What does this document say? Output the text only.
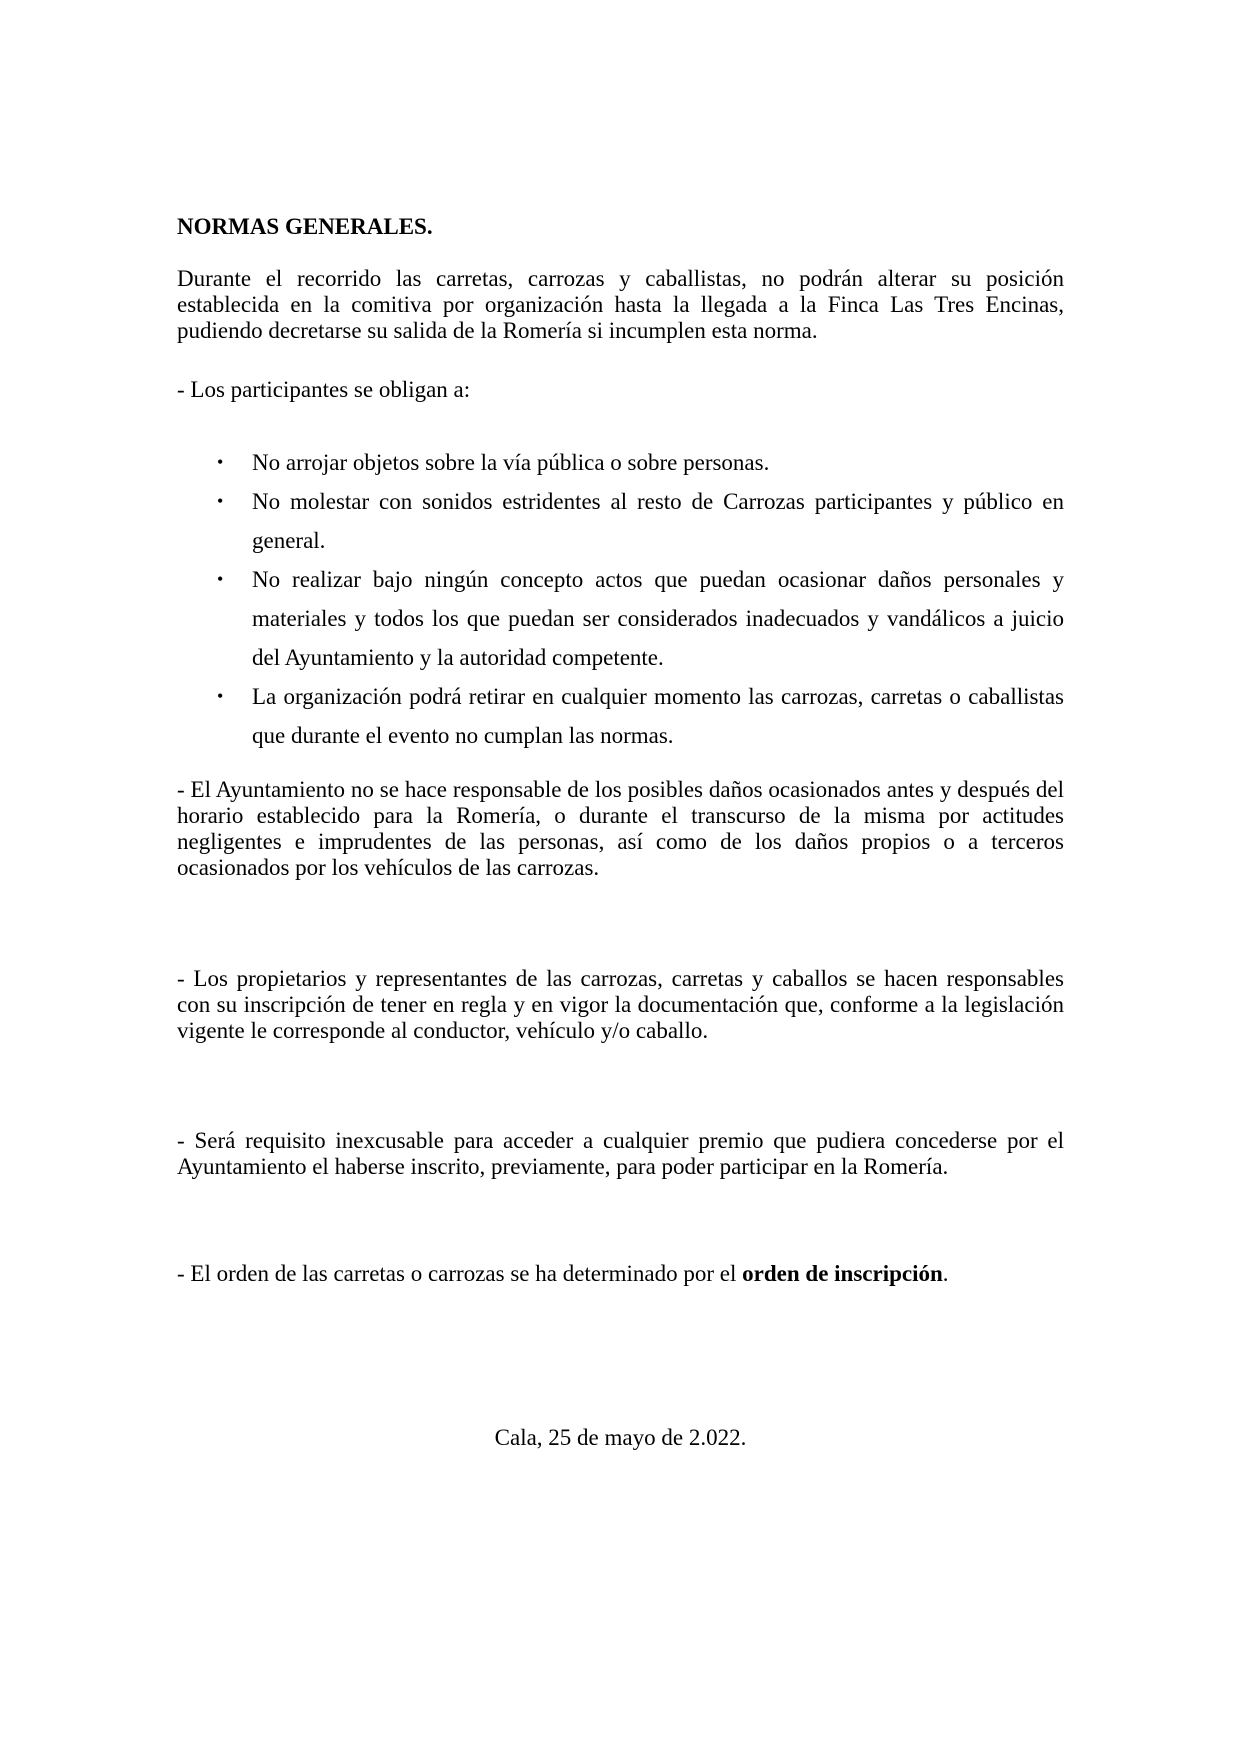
NORMAS GENERALES.

Durante el recorrido las carretas, carrozas y caballistas, no podrán alterar su posición establecida en la comitiva por organización hasta la llegada a la Finca Las Tres Encinas, pudiendo decretarse su salida de la Romería si incumplen esta norma.

- Los participantes se obligan a:

•	No arrojar objetos sobre la vía pública o sobre personas.
•	No molestar con sonidos estridentes al resto de Carrozas participantes y público en general.
•	No realizar bajo ningún concepto actos que puedan ocasionar daños personales y materiales y todos los que puedan ser considerados inadecuados y vandálicos a juicio del Ayuntamiento y la autoridad competente.
•	La organización podrá retirar en cualquier momento las carrozas, carretas o caballistas que durante el evento no cumplan las normas.

- El Ayuntamiento no se hace responsable de los posibles daños ocasionados antes y después del horario establecido para la Romería, o durante el transcurso de la misma por actitudes negligentes e imprudentes de las personas, así como de los daños propios o a terceros ocasionados por los vehículos de las carrozas.

- Los propietarios y representantes de las carrozas, carretas y caballos se hacen responsables con su inscripción de tener en regla y en vigor la documentación que, conforme a la legislación vigente le corresponde al conductor, vehículo y/o caballo.

- Será requisito inexcusable para acceder a cualquier premio que pudiera concederse por el Ayuntamiento el haberse inscrito, previamente, para poder participar en la Romería.

- El orden de las carretas o carrozas se ha determinado por el orden de inscripción.

Cala, 25 de mayo de 2.022.
